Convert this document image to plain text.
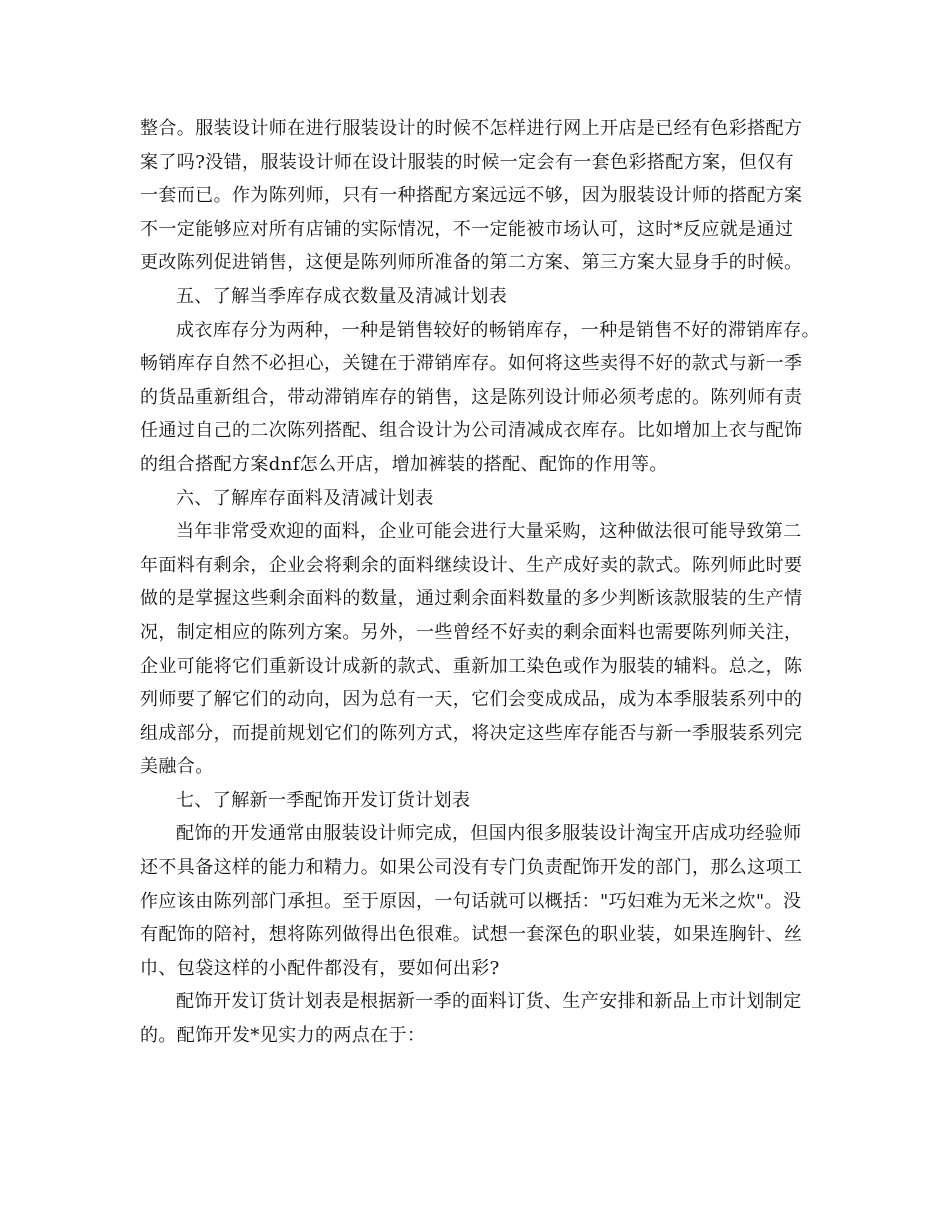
整合。服装设计师在进行服装设计的时候不怎样进行网上开店是已经有色彩搭配方
案了吗?没错，服装设计师在设计服装的时候一定会有一套色彩搭配方案，但仅有
一套而已。作为陈列师，只有一种搭配方案远远不够，因为服装设计师的搭配方案
不一定能够应对所有店铺的实际情况，不一定能被市场认可，这时*反应就是通过
更改陈列促进销售，这便是陈列师所准备的第二方案、第三方案大显身手的时候。
五、了解当季库存成衣数量及清减计划表
成衣库存分为两种，一种是销售较好的畅销库存，一种是销售不好的滞销库存。
畅销库存自然不必担心，关键在于滞销库存。如何将这些卖得不好的款式与新一季
的货品重新组合，带动滞销库存的销售，这是陈列设计师必须考虑的。陈列师有责
任通过自己的二次陈列搭配、组合设计为公司清减成衣库存。比如增加上衣与配饰
的组合搭配方案dnf怎么开店，增加裤装的搭配、配饰的作用等。
六、了解库存面料及清减计划表
当年非常受欢迎的面料，企业可能会进行大量采购，这种做法很可能导致第二
年面料有剩余，企业会将剩余的面料继续设计、生产成好卖的款式。陈列师此时要
做的是掌握这些剩余面料的数量，通过剩余面料数量的多少判断该款服装的生产情
况，制定相应的陈列方案。另外，一些曾经不好卖的剩余面料也需要陈列师关注，
企业可能将它们重新设计成新的款式、重新加工染色或作为服装的辅料。总之，陈
列师要了解它们的动向，因为总有一天，它们会变成成品，成为本季服装系列中的
组成部分，而提前规划它们的陈列方式，将决定这些库存能否与新一季服装系列完
美融合。
七、了解新一季配饰开发订货计划表
配饰的开发通常由服装设计师完成，但国内很多服装设计淘宝开店成功经验师
还不具备这样的能力和精力。如果公司没有专门负责配饰开发的部门，那么这项工
作应该由陈列部门承担。至于原因，一句话就可以概括："巧妇难为无米之炊"。没
有配饰的陪衬，想将陈列做得出色很难。试想一套深色的职业装，如果连胸针、丝
巾、包袋这样的小配件都没有，要如何出彩?
配饰开发订货计划表是根据新一季的面料订货、生产安排和新品上市计划制定
的。配饰开发*见实力的两点在于：
